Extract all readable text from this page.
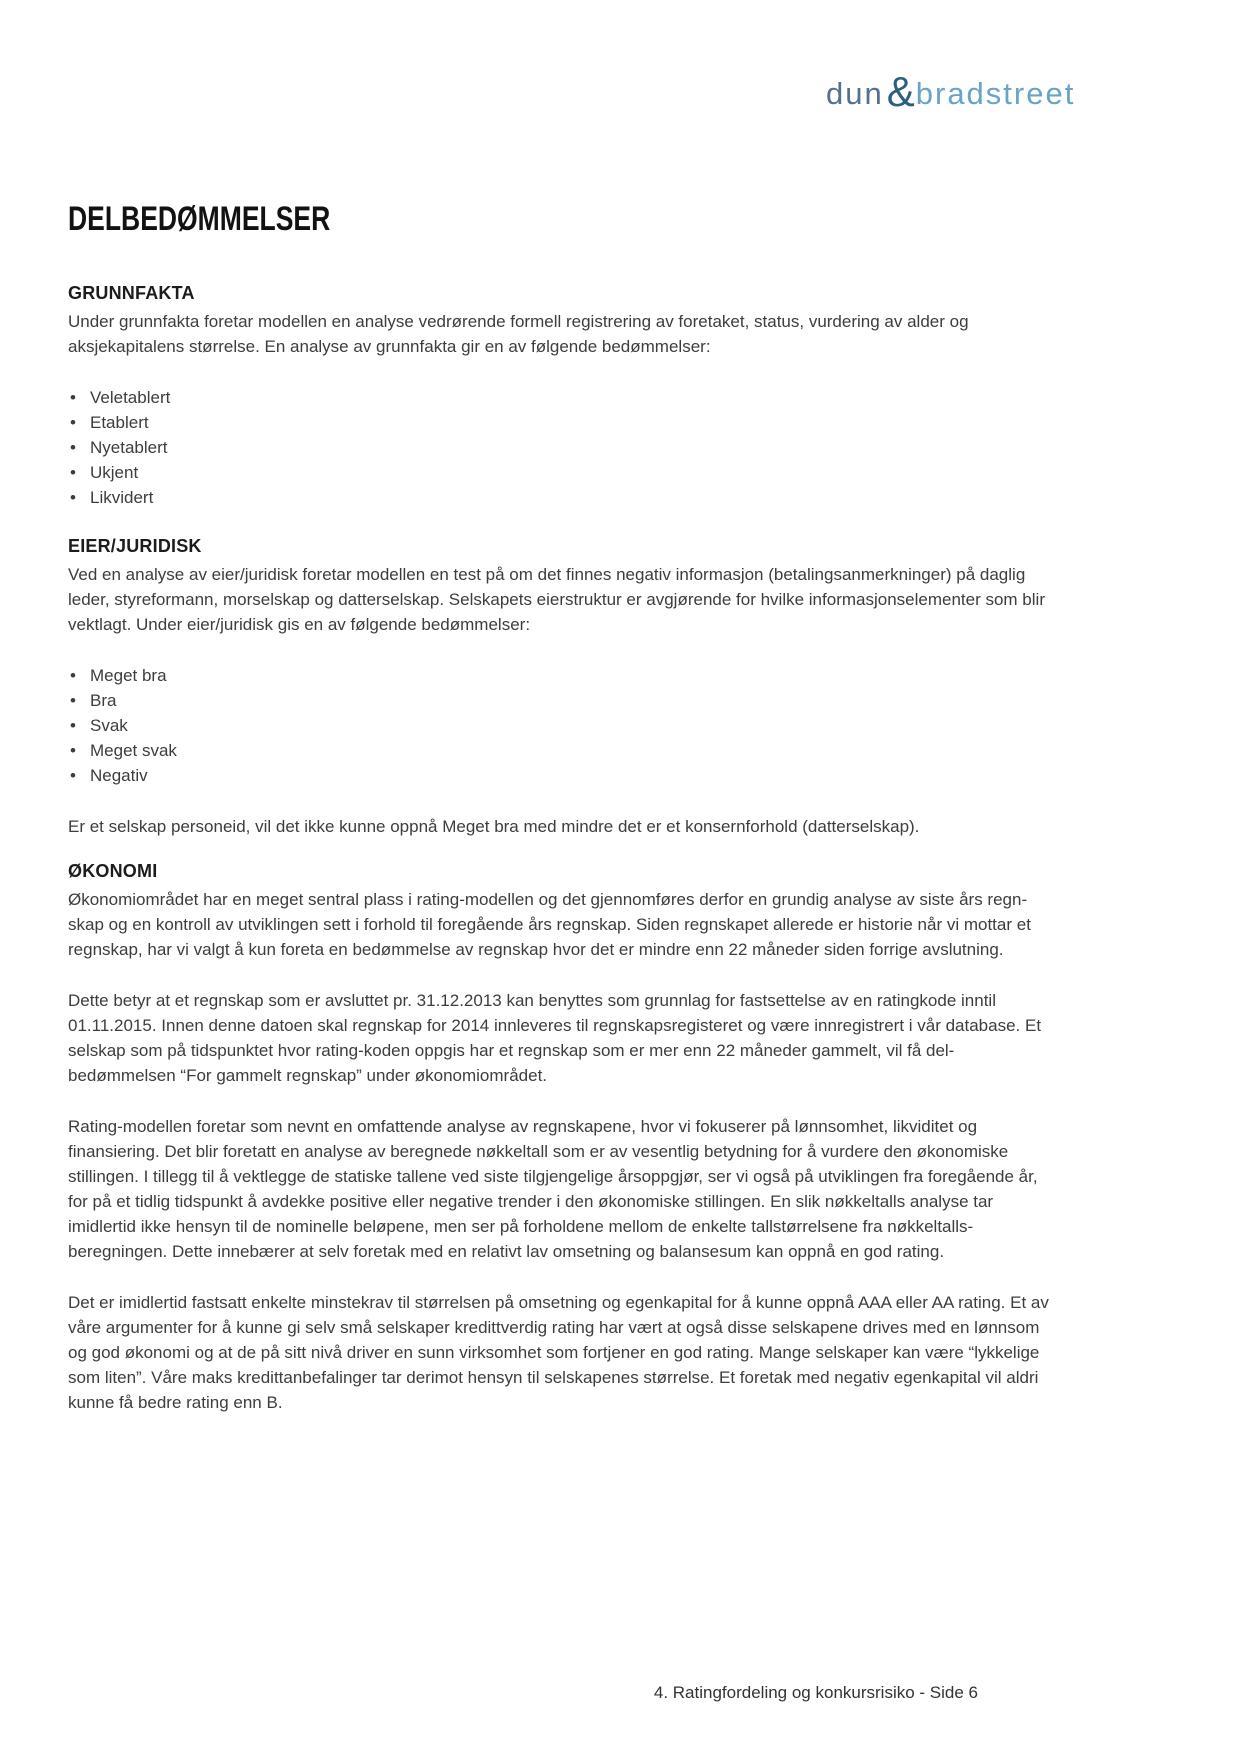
dun & bradstreet
DELBEDØMMELSER
GRUNNFAKTA

Under grunnfakta foretar modellen en analyse vedrørende formell registrering av foretaket, status, vurdering av alder og aksjekapitalens størrelse. En analyse av grunnfakta gir en av følgende bedømmelser:

• Veletablert
• Etablert
• Nyetablert
• Ukjent
• Likvidert
EIER/JURIDISK

Ved en analyse av eier/juridisk foretar modellen en test på om det finnes negativ informasjon (betalingsanmerkninger) på daglig leder, styreformann, morselskap og datterselskap. Selskapets eierstruktur er avgjørende for hvilke informasjonselementer som blir vektlagt. Under eier/juridisk gis en av følgende bedømmelser:

• Meget bra
• Bra
• Svak
• Meget svak
• Negativ

Er et selskap personeid, vil det ikke kunne oppnå Meget bra med mindre det er et konsernforhold (datterselskap).

ØKONOMI

Økonomiområdet har en meget sentral plass i rating-modellen og det gjennomføres derfor en grundig analyse av siste års regn- skap og en kontroll av utviklingen sett i forhold til foregående års regnskap. Siden regnskapet allerede er historie når vi mottar et regnskap, har vi valgt å kun foreta en bedømmelse av regnskap hvor det er mindre enn 22 måneder siden forrige avslutning.

Dette betyr at et regnskap som er avsluttet pr. 31.12.2013 kan benyttes som grunnlag for fastsettelse av en ratingkode inntil 01.11.2015. Innen denne datoen skal regnskap for 2014 innleveres til regnskapsregisteret og være innregistrert i vår database. Et selskap som på tidspunktet hvor rating-koden oppgis har et regnskap som er mer enn 22 måneder gammelt, vil få del- bedømmelsen “For gammelt regnskap” under økonomiområdet.

Rating-modellen foretar som nevnt en omfattende analyse av regnskapene, hvor vi fokuserer på lønnsomhet, likviditet og finansiering. Det blir foretatt en analyse av beregnede nøkkeltall som er av vesentlig betydning for å vurdere den økonomiske stillingen. I tillegg til å vektlegge de statiske tallene ved siste tilgjengelige årsoppgjør, ser vi også på utviklingen fra foregående år, for på et tidlig tidspunkt å avdekke positive eller negative trender i den økonomiske stillingen. En slik nøkkeltalls analyse tar imidlertid ikke hensyn til de nominelle beløpene, men ser på forholdene mellom de enkelte tallstørrelsene fra nøkkeltalls- beregningen. Dette innebærer at selv foretak med en relativt lav omsetning og balansesum kan oppnå en god rating.

Det er imidlertid fastsatt enkelte minstekrav til størrelsen på omsetning og egenkapital for å kunne oppnå AAA eller AA rating. Et av våre argumenter for å kunne gi selv små selskaper kredittverdig rating har vært at også disse selskapene drives med en lønnsom og god økonomi og at de på sitt nivå driver en sunn virksomhet som fortjener en god rating. Mange selskaper kan være “lykkelige som liten”. Våre maks kredittanbefalinger tar derimot hensyn til selskapenes størrelse. Et foretak med negativ egenkapital vil aldri kunne få bedre rating enn B.

4. Ratingfordeling og konkursrisiko - Side 6
